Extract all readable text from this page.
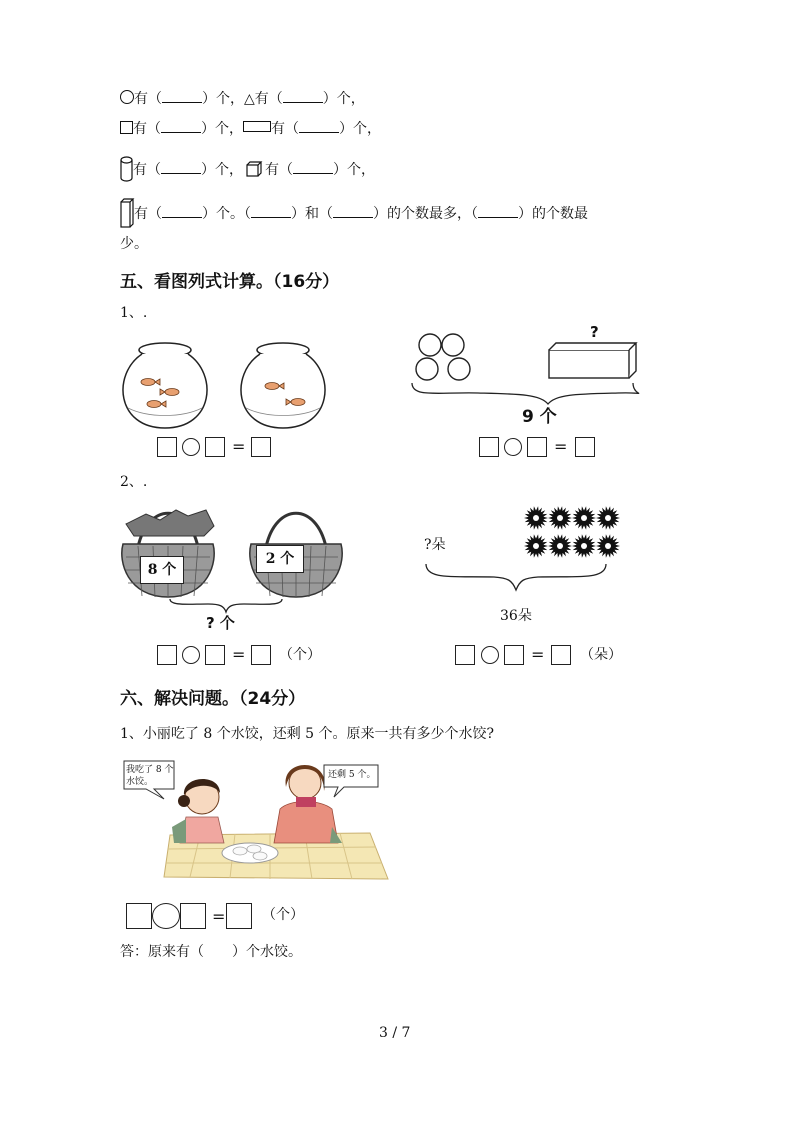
有（	）个，△有（	）个，
有（	）个， 有（	）个，
有（	）个， 有（	）个，
有（	）个。（	）和（	）的个数最多，（	）的个数最
少。
五、看图列式计算。（16分）
1、.
?
9 个
=	=
2、.
8 个
2 个
? 个
?朵
36朵
= （个）	=	（朵）
六、解决问题。（24分）
1、小丽吃了 8 个水饺，还剩 5 个。原来一共有多少个水饺?
我吃了 8 个水饺。
还剩 5 个。
=	（个）
答：原来有（　　）个水饺。
3 / 7
